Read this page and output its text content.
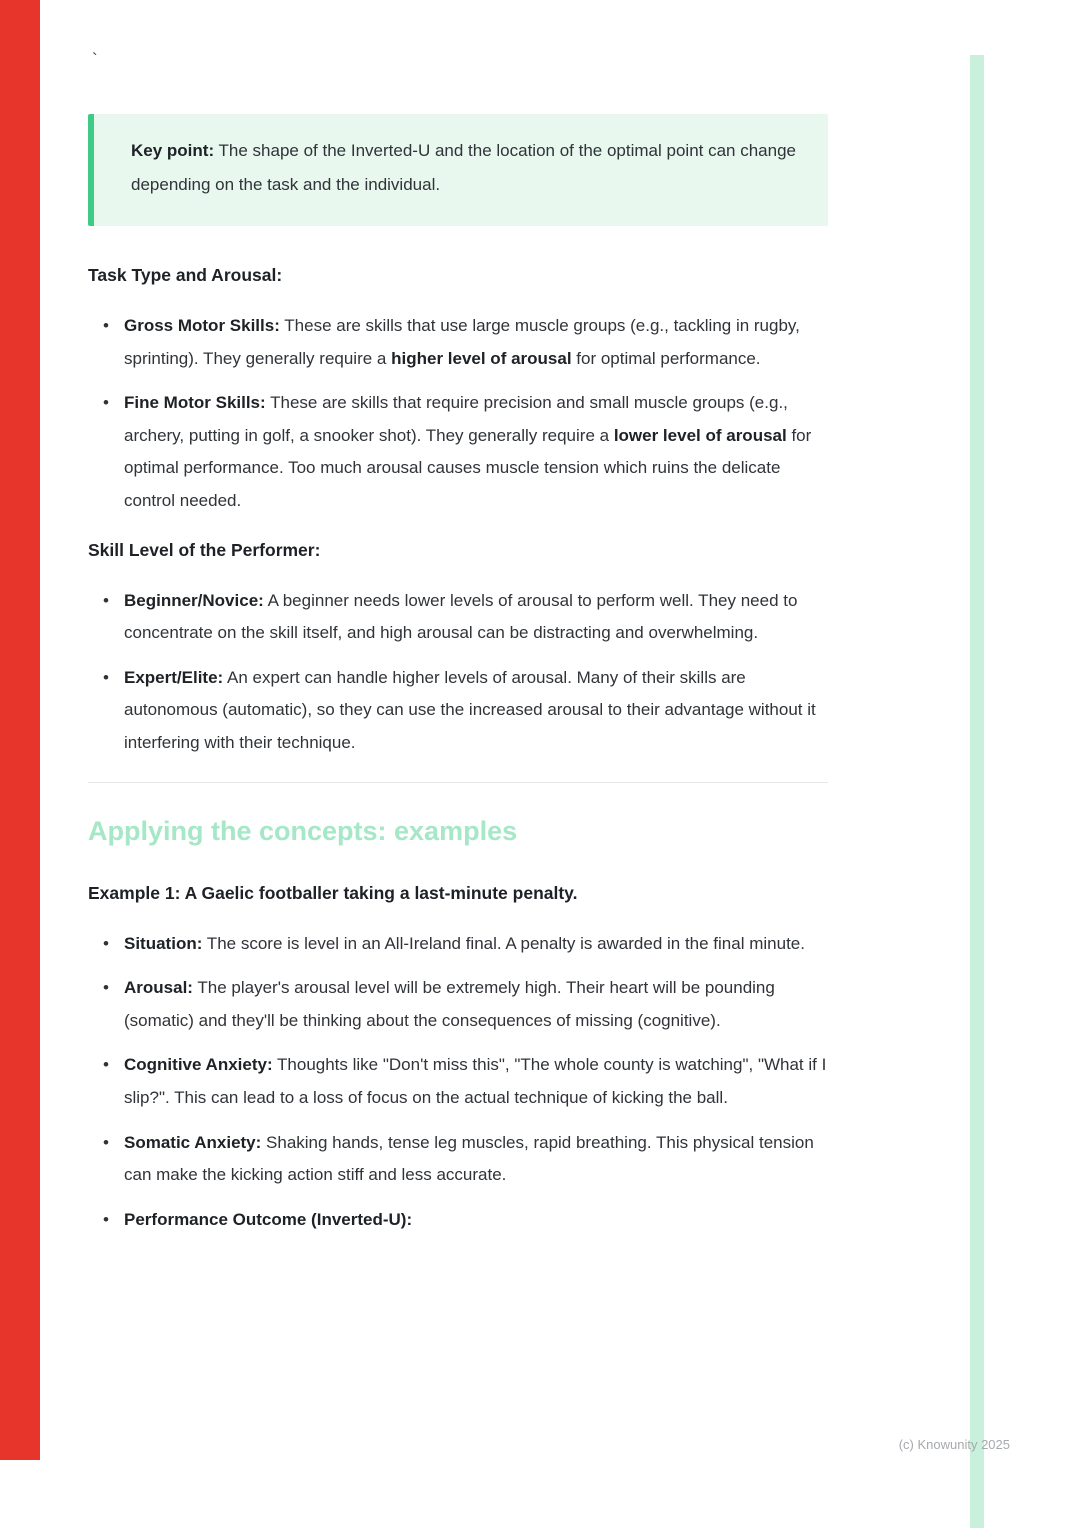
`

Key point: The shape of the Inverted-U and the location of the optimal point can change depending on the task and the individual.

Task Type and Arousal:
• Gross Motor Skills: These are skills that use large muscle groups (e.g., tackling in rugby, sprinting). They generally require a higher level of arousal for optimal performance.
• Fine Motor Skills: These are skills that require precision and small muscle groups (e.g., archery, putting in golf, a snooker shot). They generally require a lower level of arousal for optimal performance. Too much arousal causes muscle tension which ruins the delicate control needed.
Skill Level of the Performer:
• Beginner/Novice: A beginner needs lower levels of arousal to perform well. They need to concentrate on the skill itself, and high arousal can be distracting and overwhelming.
• Expert/Elite: An expert can handle higher levels of arousal. Many of their skills are autonomous (automatic), so they can use the increased arousal to their advantage without it interfering with their technique.
Applying the concepts: examples
Example 1: A Gaelic footballer taking a last-minute penalty.
• Situation: The score is level in an All-Ireland final. A penalty is awarded in the final minute.
• Arousal: The player's arousal level will be extremely high. Their heart will be pounding (somatic) and they'll be thinking about the consequences of missing (cognitive).
• Cognitive Anxiety: Thoughts like "Don't miss this", "The whole county is watching", "What if I slip?". This can lead to a loss of focus on the actual technique of kicking the ball.
• Somatic Anxiety: Shaking hands, tense leg muscles, rapid breathing. This physical tension can make the kicking action stiff and less accurate.
• Performance Outcome (Inverted-U):
(c) Knowunity 2025
